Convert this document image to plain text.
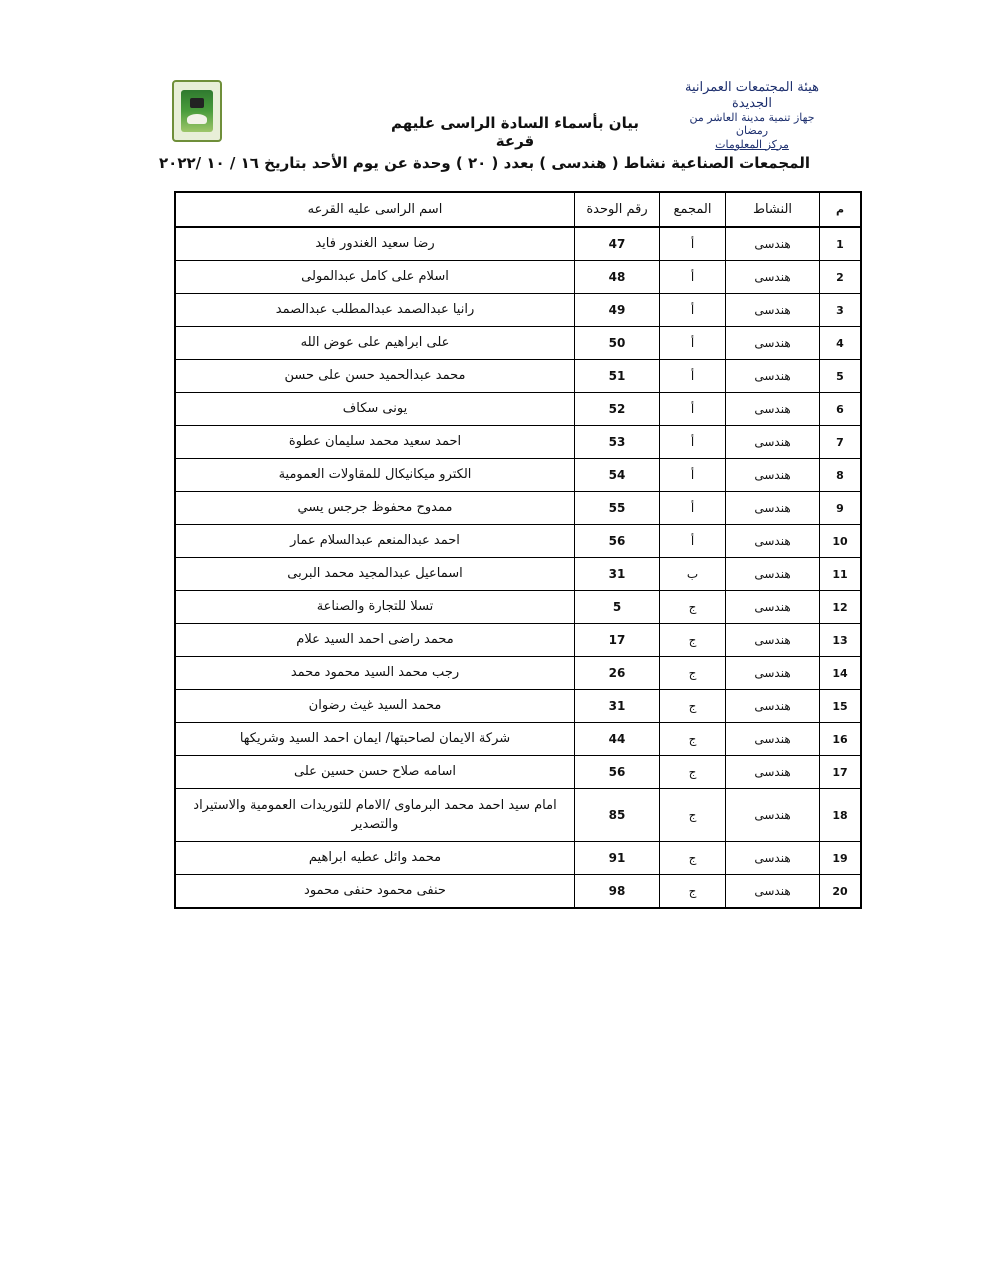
هيئة المجتمعات العمرانية الجديدة
جهاز تنمية مدينة العاشر من رمضان
مركز المعلومات
بيان بأسماء السادة الراسى عليهم قرعة
المجمعات الصناعية نشاط ( هندسى ) بعدد ( ٢٠ ) وحدة عن يوم الأحد بتاريخ ١٦ / ١٠ /٢٠٢٢
م	النشاط	المجمع	رقم الوحدة	اسم الراسى عليه القرعه
1	هندسى	أ	47	رضا سعيد الغندور فايد
2	هندسى	أ	48	اسلام على كامل عبدالمولى
3	هندسى	أ	49	رانيا عبدالصمد عبدالمطلب عبدالصمد
4	هندسى	أ	50	على ابراهيم على عوض الله
5	هندسى	أ	51	محمد عبدالحميد حسن على حسن
6	هندسى	أ	52	يونى سكاف
7	هندسى	أ	53	احمد سعيد محمد سليمان عطوة
8	هندسى	أ	54	الكترو ميكانيكال للمقاولات العمومية
9	هندسى	أ	55	ممدوح محفوظ جرجس يسي
10	هندسى	أ	56	احمد عبدالمنعم عبدالسلام عمار
11	هندسى	ب	31	اسماعيل عبدالمجيد محمد البربى
12	هندسى	ج	5	تسلا للتجارة والصناعة
13	هندسى	ج	17	محمد راضى احمد السيد علام
14	هندسى	ج	26	رجب محمد السيد محمود محمد
15	هندسى	ج	31	محمد السيد غيث رضوان
16	هندسى	ج	44	شركة الايمان لصاحبتها/ ايمان احمد السيد وشريكها
17	هندسى	ج	56	اسامه صلاح حسن حسين على
18	هندسى	ج	85	امام سيد احمد محمد البرماوى /الامام للتوريدات العمومية والاستيراد والتصدير
19	هندسى	ج	91	محمد وائل عطيه ابراهيم
20	هندسى	ج	98	حنفى محمود حنفى محمود
